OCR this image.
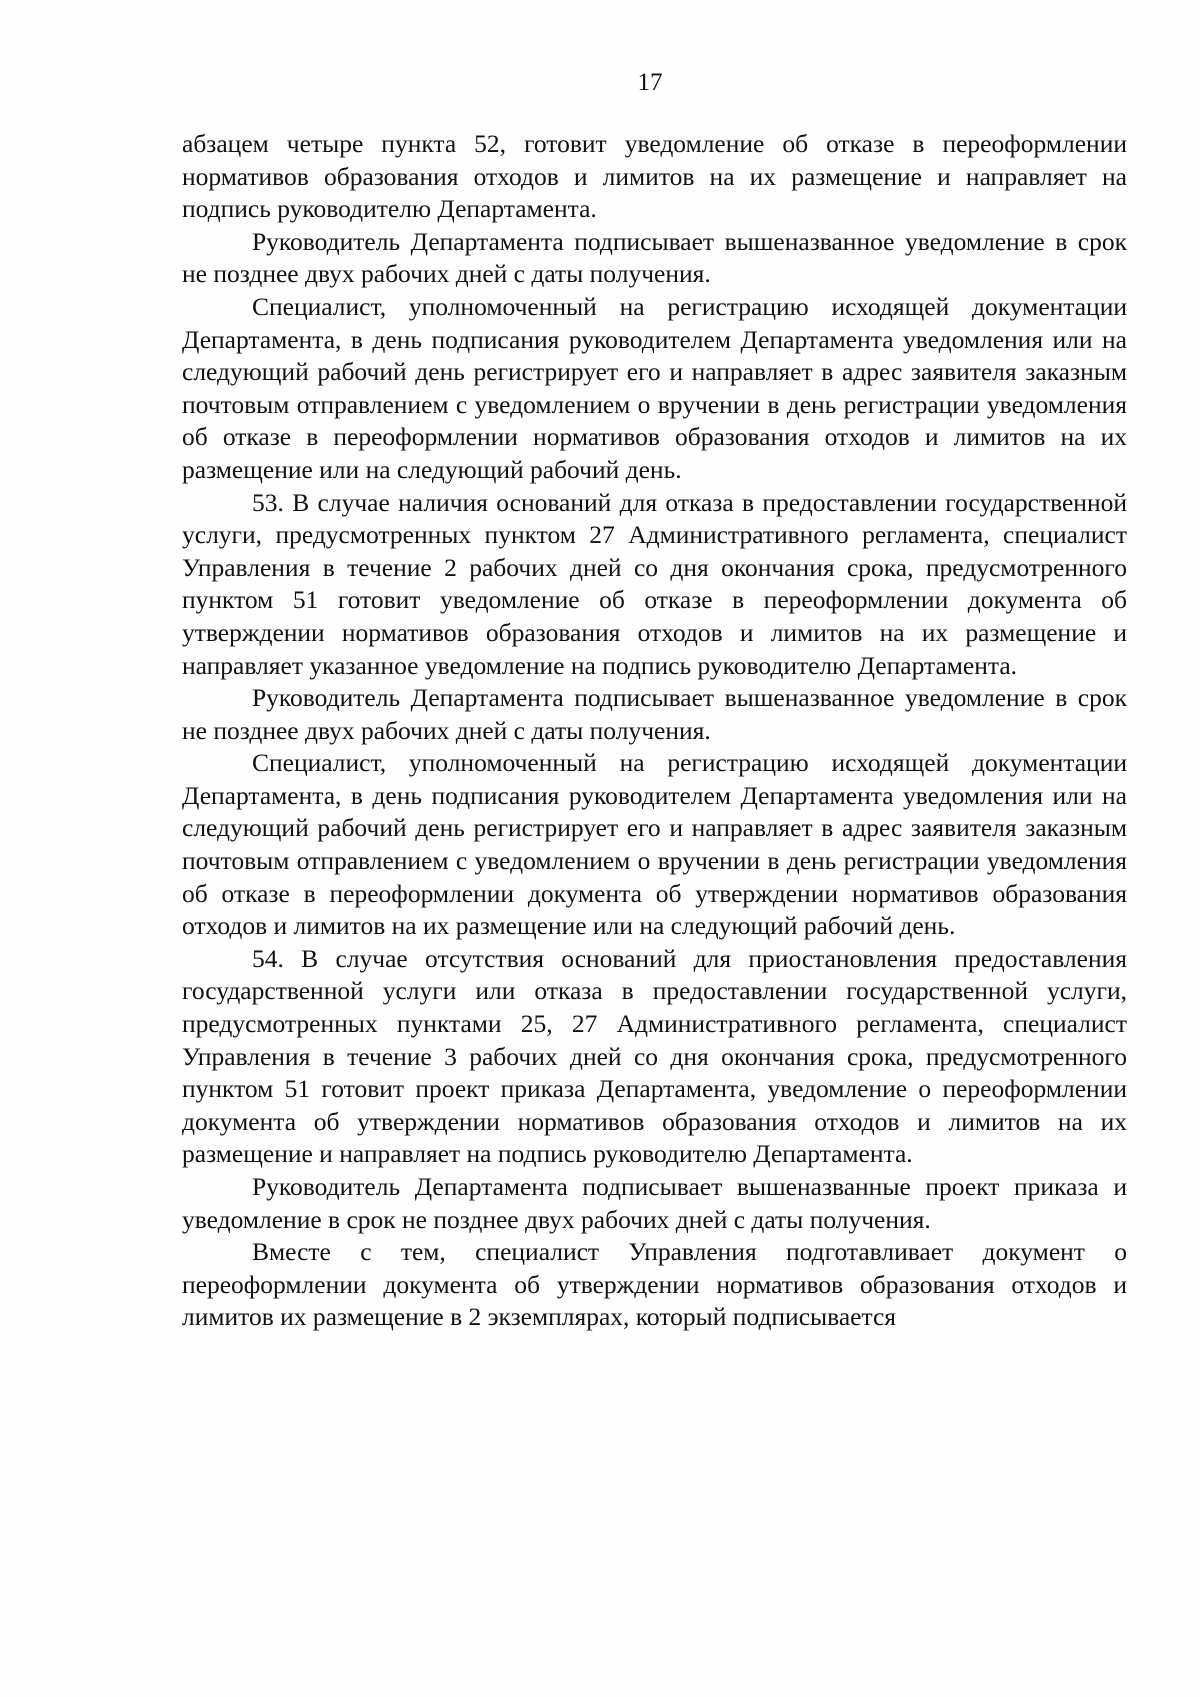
17

абзацем четыре пункта 52, готовит уведомление об отказе в переоформлении нормативов образования отходов и лимитов на их размещение и направляет на подпись руководителю Департамента.

Руководитель Департамента подписывает вышеназванное уведомление в срок не позднее двух рабочих дней с даты получения.

Специалист, уполномоченный на регистрацию исходящей документации Департамента, в день подписания руководителем Департамента уведомления или на следующий рабочий день регистрирует его и направляет в адрес заявителя заказным почтовым отправлением с уведомлением о вручении в день регистрации уведомления об отказе в переоформлении нормативов образования отходов и лимитов на их размещение или на следующий рабочий день.

53. В случае наличия оснований для отказа в предоставлении государственной услуги, предусмотренных пунктом 27 Административного регламента, специалист Управления в течение 2 рабочих дней со дня окончания срока, предусмотренного пунктом 51 готовит уведомление об отказе в переоформлении документа об утверждении нормативов образования отходов и лимитов на их размещение и направляет указанное уведомление на подпись руководителю Департамента.

Руководитель Департамента подписывает вышеназванное уведомление в срок не позднее двух рабочих дней с даты получения.

Специалист, уполномоченный на регистрацию исходящей документации Департамента, в день подписания руководителем Департамента уведомления или на следующий рабочий день регистрирует его и направляет в адрес заявителя заказным почтовым отправлением с уведомлением о вручении в день регистрации уведомления об отказе в переоформлении документа об утверждении нормативов образования отходов и лимитов на их размещение или на следующий рабочий день.

54. В случае отсутствия оснований для приостановления предоставления государственной услуги или отказа в предоставлении государственной услуги, предусмотренных пунктами 25, 27 Административного регламента, специалист Управления в течение 3 рабочих дней со дня окончания срока, предусмотренного пунктом 51 готовит проект приказа Департамента, уведомление о переоформлении документа об утверждении нормативов образования отходов и лимитов на их размещение и направляет на подпись руководителю Департамента.

Руководитель Департамента подписывает вышеназванные проект приказа и уведомление в срок не позднее двух рабочих дней с даты получения.

Вместе с тем, специалист Управления подготавливает документ о переоформлении документа об утверждении нормативов образования отходов и лимитов их размещение в 2 экземплярах, который подписывается
